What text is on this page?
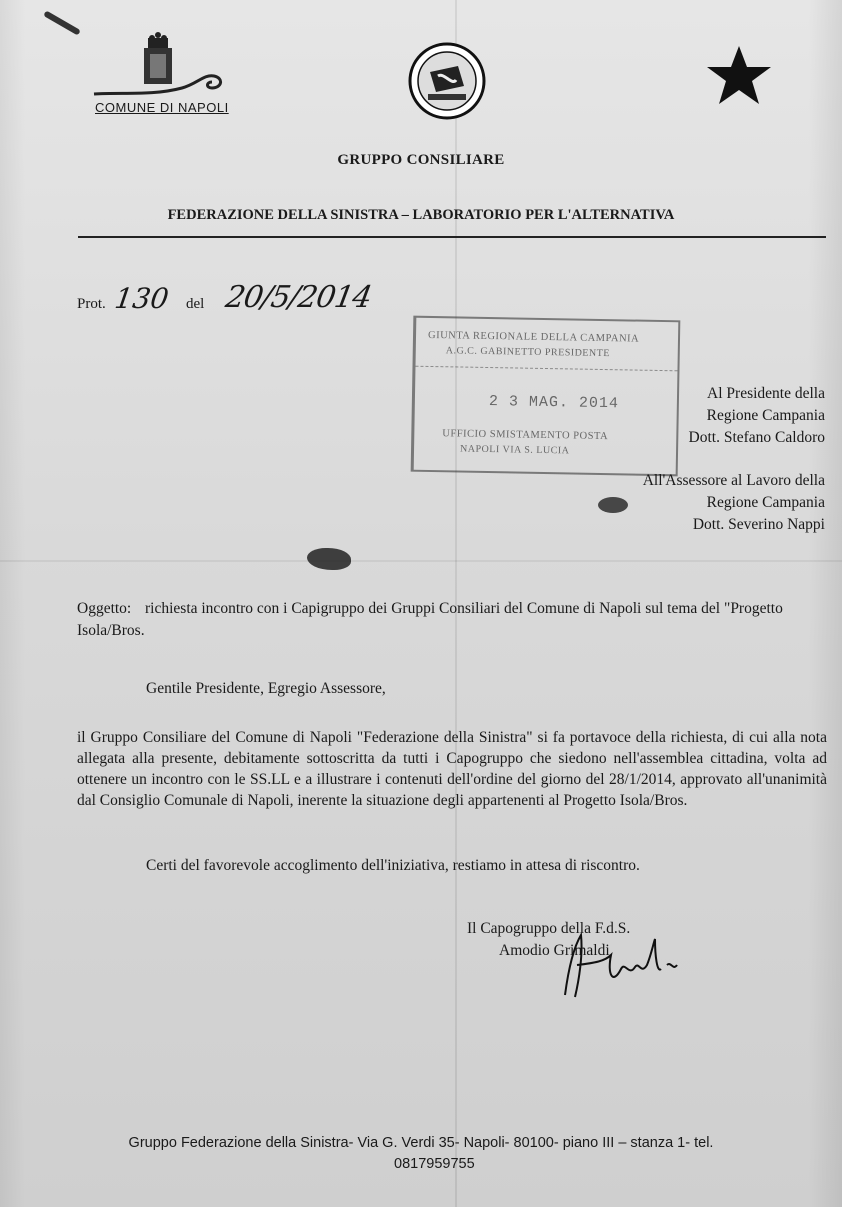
COMUNE DI NAPOLI
GRUPPO CONSILIARE
FEDERAZIONE DELLA SINISTRA – LABORATORIO PER L'ALTERNATIVA
Prot. 130 del 20/5/2014
GIUNTA REGIONALE DELLA CAMPANIA
A.G.C. GABINETTO PRESIDENTE
2 3 MAG. 2014
UFFICIO SMISTAMENTO POSTA
NAPOLI VIA S. LUCIA
Al Presidente della
Regione Campania
Dott. Stefano Caldoro
All'Assessore al Lavoro della
Regione Campania
Dott. Severino Nappi
Oggetto: richiesta incontro con i Capigruppo dei Gruppi Consiliari del Comune di Napoli sul tema del "Progetto Isola/Bros.
Gentile Presidente, Egregio Assessore,
il Gruppo Consiliare del Comune di Napoli "Federazione della Sinistra" si fa portavoce della richiesta, di cui alla nota allegata alla presente, debitamente sottoscritta da tutti i Capogruppo che siedono nell'assemblea cittadina, volta ad ottenere un incontro con le SS.LL e a illustrare i contenuti dell'ordine del giorno del 28/1/2014, approvato all'unanimità dal Consiglio Comunale di Napoli, inerente la situazione degli appartenenti al Progetto Isola/Bros.
Certi del favorevole accoglimento dell'iniziativa, restiamo in attesa di riscontro.
Il Capogruppo della F.d.S.
Amodio Grimaldi
Gruppo Federazione della Sinistra- Via G. Verdi 35- Napoli- 80100- piano III – stanza 1- tel.
0817959755
